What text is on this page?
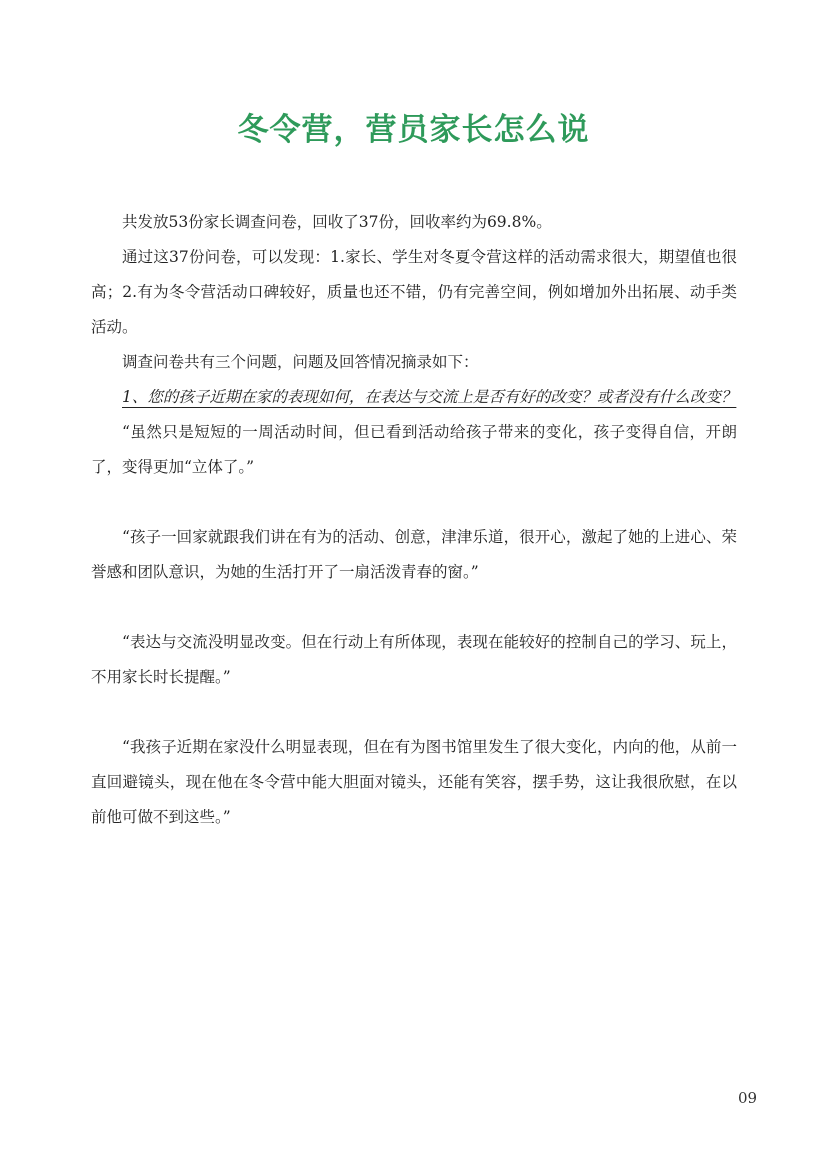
冬令营，营员家长怎么说

共发放53份家长调查问卷，回收了37份，回收率约为69.8%。

通过这37份问卷，可以发现：1.家长、学生对冬夏令营这样的活动需求很大，期望值也很高；2.有为冬令营活动口碑较好，质量也还不错，仍有完善空间，例如增加外出拓展、动手类活动。

调查问卷共有三个问题，问题及回答情况摘录如下：

1、您的孩子近期在家的表现如何，在表达与交流上是否有好的改变？或者没有什么改变？

“虽然只是短短的一周活动时间，但已看到活动给孩子带来的变化，孩子变得自信，开朗了，变得更加“立体了。”

“孩子一回家就跟我们讲在有为的活动、创意，津津乐道，很开心，激起了她的上进心、荣誉感和团队意识，为她的生活打开了一扇活泼青春的窗。”

“表达与交流没明显改变。但在行动上有所体现，表现在能较好的控制自己的学习、玩上，不用家长时长提醒。”

“我孩子近期在家没什么明显表现，但在有为图书馆里发生了很大变化，内向的他，从前一直回避镜头，现在他在冬令营中能大胆面对镜头，还能有笑容，摆手势，这让我很欣慰，在以前他可做不到这些。”

09
